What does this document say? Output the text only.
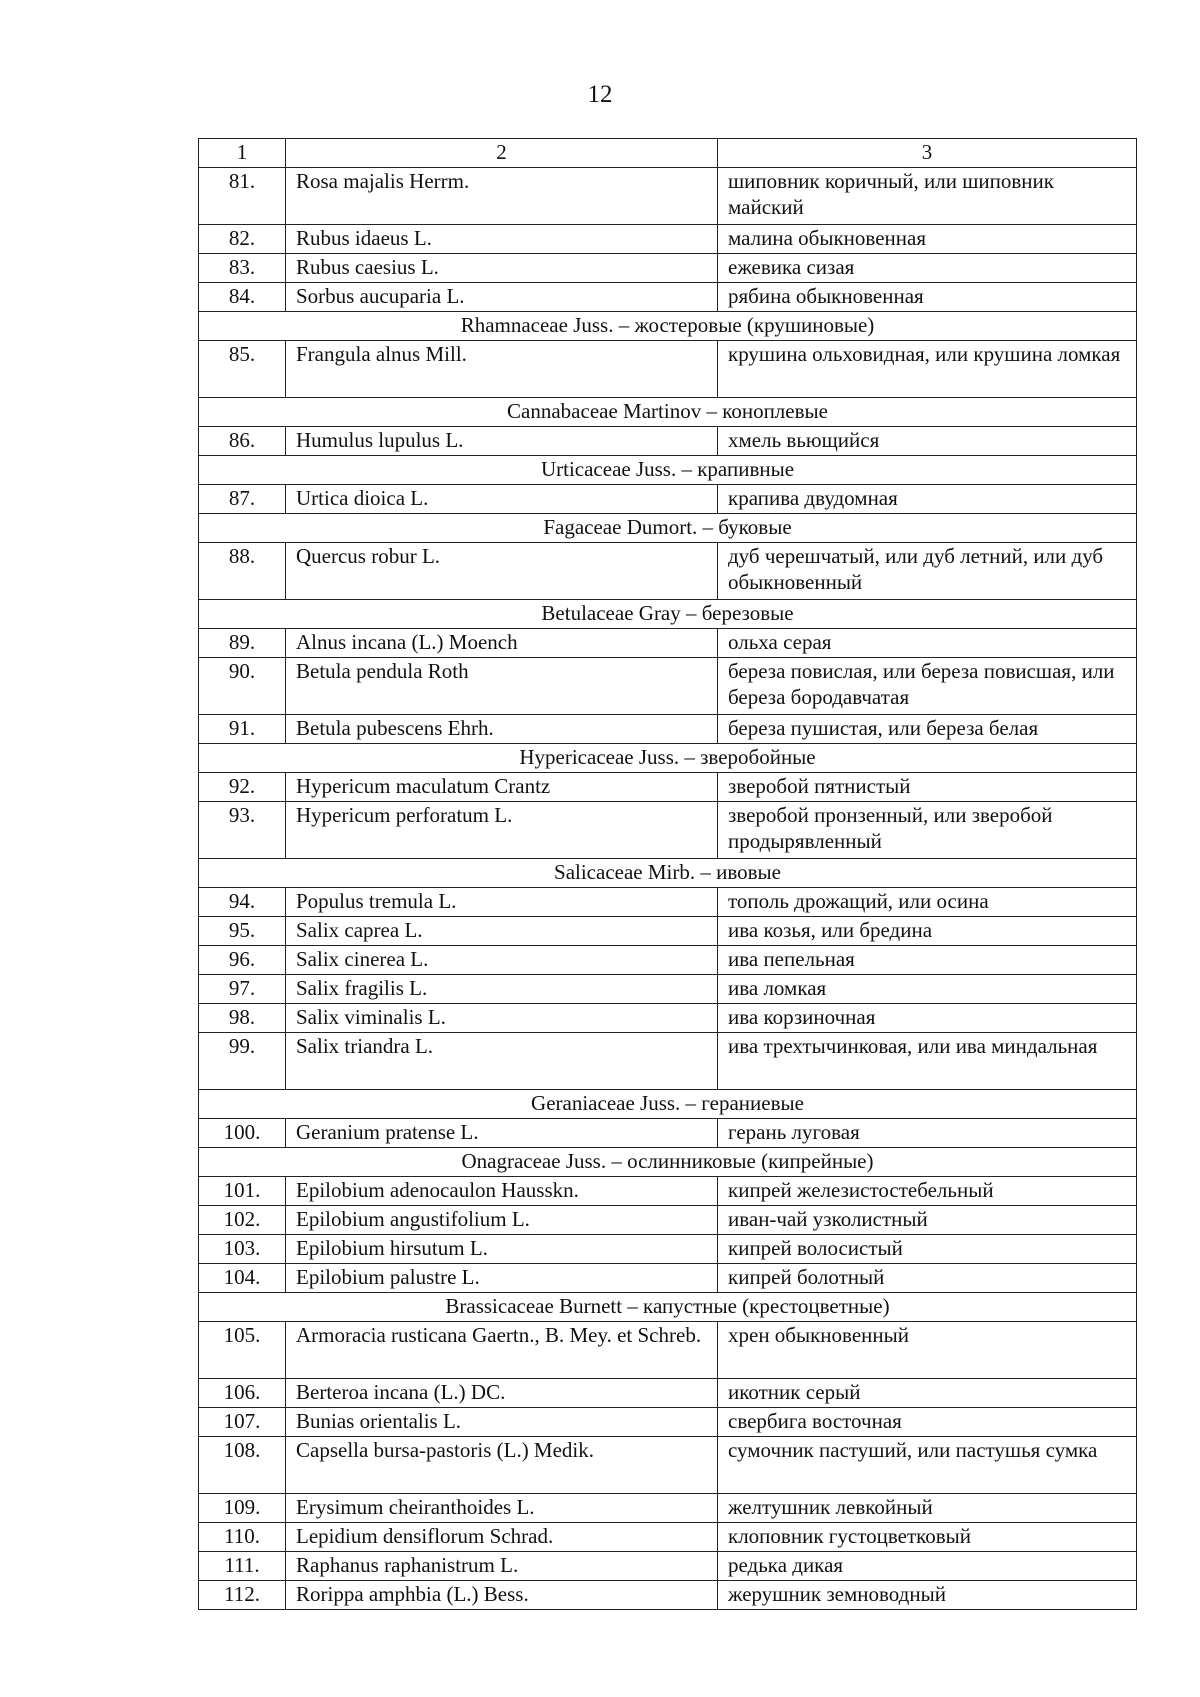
12
1	2	3
81.	Rosa majalis Herrm.	шиповник коричный, или шиповник майский
82.	Rubus idaeus L.	малина обыкновенная
83.	Rubus caesius L.	ежевика сизая
84.	Sorbus aucuparia L.	рябина обыкновенная
Rhamnaceae Juss. – жостеровые (крушиновые)		
85.	Frangula alnus Mill.	крушина ольховидная, или крушина ломкая
Cannabaceae Martinov – коноплевые		
86.	Humulus lupulus L.	хмель вьющийся
Urticaceae Juss. – крапивные		
87.	Urtica dioica L.	крапива двудомная
Fagaceae Dumort. – буковые		
88.	Quercus robur L.	дуб черешчатый, или дуб летний, или дуб обыкновенный
Betulaceae Gray – березовые		
89.	Alnus incana (L.) Moench	ольха серая
90.	Betula pendula Roth	береза повислая, или береза повисшая, или береза бородавчатая
91.	Betula pubescens Ehrh.	береза пушистая, или береза белая
Hypericaceae Juss. – зверобойные		
92.	Hypericum maculatum Crantz	зверобой пятнистый
93.	Hypericum perforatum L.	зверобой пронзенный, или зверобой продырявленный
Salicaceae Mirb. – ивовые		
94.	Populus tremula L.	тополь дрожащий, или осина
95.	Salix caprea L.	ива козья, или бредина
96.	Salix cinerea L.	ива пепельная
97.	Salix fragilis L.	ива ломкая
98.	Salix viminalis L.	ива корзиночная
99.	Salix triandra L.	ива трехтычинковая, или ива миндальная
Geraniaceae Juss. – гераниевые		
100.	Geranium pratense L.	герань луговая
Onagraceae Juss. – ослинниковые (кипрейные)		
101.	Epilobium adenocaulon Hausskn.	кипрей железистостебельный
102.	Epilobium angustifolium L.	иван-чай узколистный
103.	Epilobium hirsutum L.	кипрей волосистый
104.	Epilobium palustre L.	кипрей болотный
Brassicaceae Burnett – капустные (крестоцветные)		
105.	Armoracia rusticana Gaertn., B. Mey. et Schreb.	хрен обыкновенный
106.	Berteroa incana (L.) DC.	икотник серый
107.	Bunias orientalis L.	свербига восточная
108.	Capsella bursa-pastoris (L.) Medik.	сумочник пастуший, или пастушья сумка
109.	Erysimum cheiranthoides L.	желтушник левкойный
110.	Lepidium densiflorum Schrad.	клоповник густоцветковый
111.	Raphanus raphanistrum L.	редька дикая
112.	Rorippa amphbia (L.) Bess.	жерушник земноводный
